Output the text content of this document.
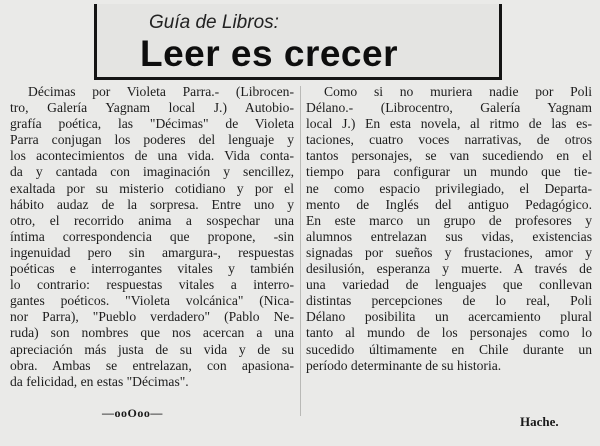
Guía de Libros:
Leer es crecer
Décimas por Violeta Parra.- (Librocen-
tro, Galería Yagnam local J.) Autobio-
grafía poética, las "Décimas" de Violeta
Parra conjugan los poderes del lenguaje y
los acontecimientos de una vida. Vida conta-
da y cantada con imaginación y sencillez,
exaltada por su misterio cotidiano y por el
hábito audaz de la sorpresa. Entre uno y
otro, el recorrido anima a sospechar una
íntima correspondencia que propone, -sin
ingenuidad pero sin amargura-, respuestas
poéticas e interrogantes vitales y también
lo contrario: respuestas vitales a interro-
gantes poéticos. "Violeta volcánica" (Nica-
nor Parra), "Pueblo verdadero" (Pablo Ne-
ruda) son nombres que nos acercan a una
apreciación más justa de su vida y de su
obra. Ambas se entrelazan, con apasiona-
da felicidad, en estas "Décimas".
Como si no muriera nadie por Poli
Délano.- (Librocentro, Galería Yagnam
local J.) En esta novela, al ritmo de las es-
taciones, cuatro voces narrativas, de otros
tantos personajes, se van sucediendo en el
tiempo para configurar un mundo que tie-
ne como espacio privilegiado, el Departa-
mento de Inglés del antiguo Pedagógico.
En este marco un grupo de profesores y
alumnos entrelazan sus vidas, existencias
signadas por sueños y frustaciones, amor y
desilusión, esperanza y muerte. A través de
una variedad de lenguajes que conllevan
distintas percepciones de lo real, Poli
Délano posibilita un acercamiento plural
tanto al mundo de los personajes como lo
sucedido últimamente en Chile durante un
período determinante de su historia.
—ooOoo—
Hache.
